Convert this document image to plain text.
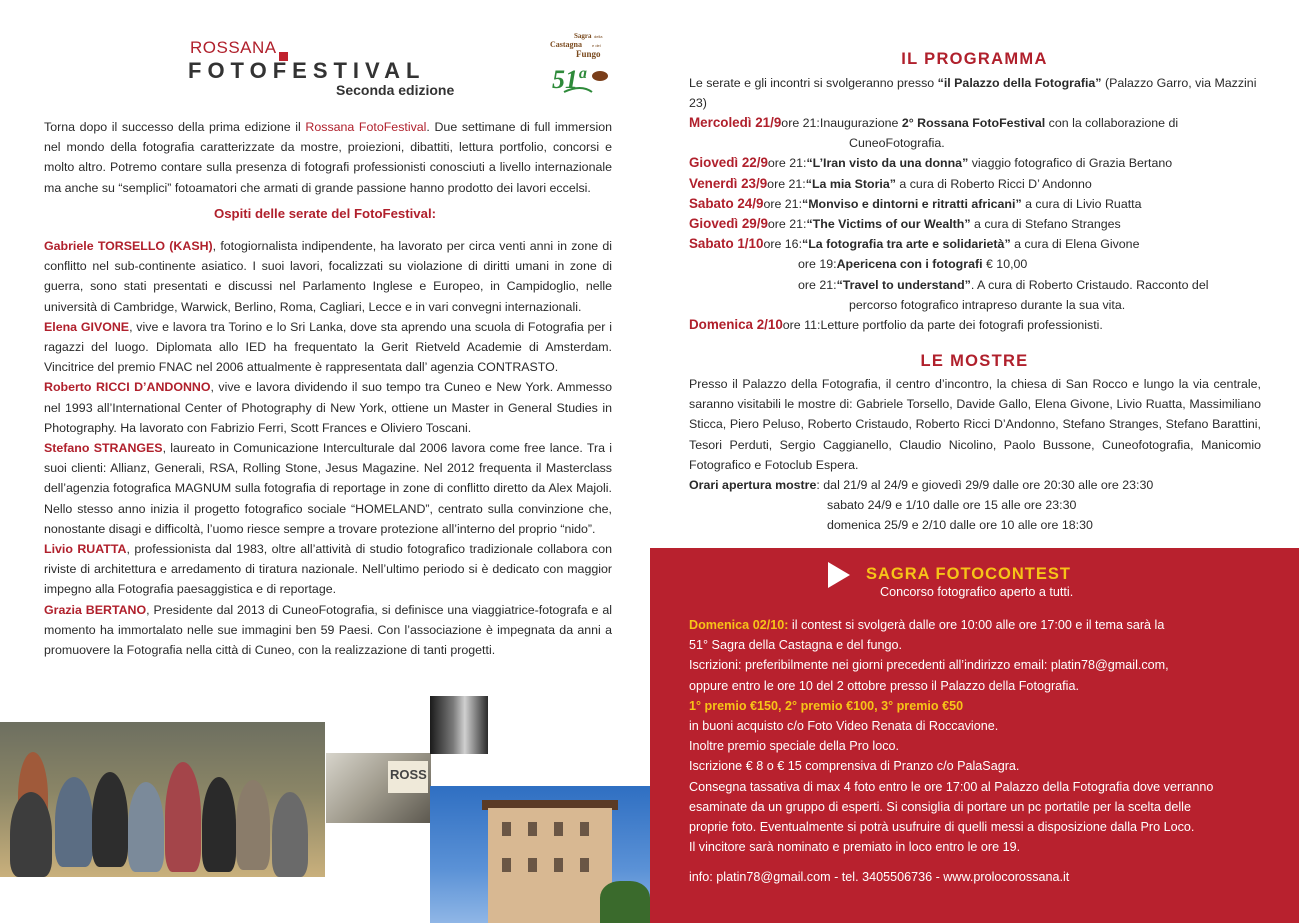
ROSSANA
FOTOFESTIVAL
Seconda edizione
Sagra della
Castagna e del
Fungo
51ª

Torna dopo il successo della prima edizione il Rossana FotoFestival. Due settimane di full immersion nel mondo della fotografia caratterizzate da mostre, proiezioni, dibattiti, lettura portfolio, concorsi e molto altro. Potremo contare sulla presenza di fotografi professionisti conosciuti a livello internazionale ma anche su “semplici” fotoamatori che armati di grande passione hanno prodotto dei lavori eccelsi.

Ospiti delle serate del FotoFestival:

Gabriele TORSELLO (KASH), fotogiornalista indipendente, ha lavorato per circa venti anni in zone di conflitto nel sub-continente asiatico. I suoi lavori, focalizzati su violazione di diritti umani in zone di guerra, sono stati presentati e discussi nel Parlamento Inglese e Europeo, in Campidoglio, nelle università di Cambridge, Warwick, Berlino, Roma, Cagliari, Lecce e in vari convegni internazionali.

Elena GIVONE, vive e lavora tra Torino e lo Sri Lanka, dove sta aprendo una scuola di Fotografia per i ragazzi del luogo. Diplomata allo IED ha frequentato la Gerit Rietveld Academie di Amsterdam. Vincitrice del premio FNAC nel 2006 attualmente è rappresentata dall’ agenzia CONTRASTO.

Roberto RICCI D’ANDONNO, vive e lavora dividendo il suo tempo tra Cuneo e New York. Ammesso nel 1993 all’International Center of Photography di New York, ottiene un Master in General Studies in Photography. Ha lavorato con Fabrizio Ferri, Scott Frances e Oliviero Toscani.

Stefano STRANGES, laureato in Comunicazione Interculturale dal 2006 lavora come free lance. Tra i suoi clienti: Allianz, Generali, RSA, Rolling Stone, Jesus Magazine. Nel 2012 frequenta il Masterclass dell’agenzia fotografica MAGNUM sulla fotografia di reportage in zone di conflitto diretto da Alex Majoli. Nello stesso anno inizia il progetto fotografico sociale “HOMELAND”, centrato sulla convinzione che, nonostante disagi e difficoltà, l’uomo riesce sempre a trovare protezione all’interno del proprio “nido”.

Livio RUATTA, professionista dal 1983, oltre all’attività di studio fotografico tradizionale collabora con riviste di architettura e arredamento di tiratura nazionale. Nell’ultimo periodo si è dedicato con maggior impegno alla Fotografia paesaggistica e di reportage.

Grazia BERTANO, Presidente dal 2013 di CuneoFotografia, si definisce una viaggiatrice-fotografa e al momento ha immortalato nelle sue immagini ben 59 Paesi. Con l’associazione è impegnata da anni a promuovere la Fotografia nella città di Cuneo, con la realizzazione di tanti progetti.

ROSS
IL PROGRAMMA

Le serate e gli incontri si svolgeranno presso “il Palazzo della Fotografia” (Palazzo Garro, via Mazzini 23)

Mercoledì 21/9 ore 21: Inaugurazione 2° Rossana FotoFestival con la collaborazione di
CuneoFotografia.
Giovedì 22/9 ore 21: “L’Iran visto da una donna” viaggio fotografico di Grazia Bertano
Venerdì 23/9 ore 21: “La mia Storia” a cura di Roberto Ricci D’ Andonno
Sabato 24/9 ore 21: “Monviso e dintorni e ritratti africani” a cura di Livio Ruatta
Giovedì 29/9 ore 21: “The Victims of our Wealth” a cura di Stefano Stranges
Sabato 1/10 ore 16: “La fotografia tra arte e solidarietà” a cura di Elena Givone
ore 19: Apericena con i fotografi € 10,00
ore 21: “Travel to understand”. A cura di Roberto Cristaudo. Racconto del
percorso fotografico intrapreso durante la sua vita.
Domenica 2/10 ore 11: Letture portfolio da parte dei fotografi professionisti.
LE MOSTRE

Presso il Palazzo della Fotografia, il centro d’incontro, la chiesa di San Rocco e lungo la via centrale, saranno visitabili le mostre di: Gabriele Torsello, Davide Gallo, Elena Givone, Livio Ruatta, Massimiliano Sticca, Piero Peluso, Roberto Cristaudo, Roberto Ricci D’Andonno, Stefano Stranges, Stefano Barattini, Tesori Perduti, Sergio Caggianello, Claudio Nicolino, Paolo Bussone, Cuneofotografia, Manicomio Fotografico e Fotoclub Espera.

Orari apertura mostre: dal 21/9 al 24/9 e giovedì 29/9 dalle ore 20:30 alle ore 23:30
sabato 24/9 e 1/10 dalle ore 15 alle ore 23:30
domenica 25/9 e 2/10 dalle ore 10 alle ore 18:30
SAGRA FOTOCONTEST
Concorso fotografico aperto a tutti.
Domenica 02/10: il contest si svolgerà dalle ore 10:00 alle ore 17:00 e il tema sarà la
51° Sagra della Castagna e del fungo.
Iscrizioni: preferibilmente nei giorni precedenti all’indirizzo email: platin78@gmail.com,
oppure entro le ore 10 del 2 ottobre presso il Palazzo della Fotografia.
1° premio €150, 2° premio €100, 3° premio €50
in buoni acquisto c/o Foto Video Renata di Roccavione.
Inoltre premio speciale della Pro loco.
Iscrizione € 8 o € 15 comprensiva di Pranzo c/o PalaSagra.
Consegna tassativa di max 4 foto entro le ore 17:00 al Palazzo della Fotografia dove verranno
esaminate da un gruppo di esperti. Si consiglia di portare un pc portatile per la scelta delle
proprie foto. Eventualmente si potrà usufruire di quelli messi a disposizione dalla Pro Loco.
Il vincitore sarà nominato e premiato in loco entro le ore 19.
info: platin78@gmail.com - tel. 3405506736 - www.prolocorossana.it
